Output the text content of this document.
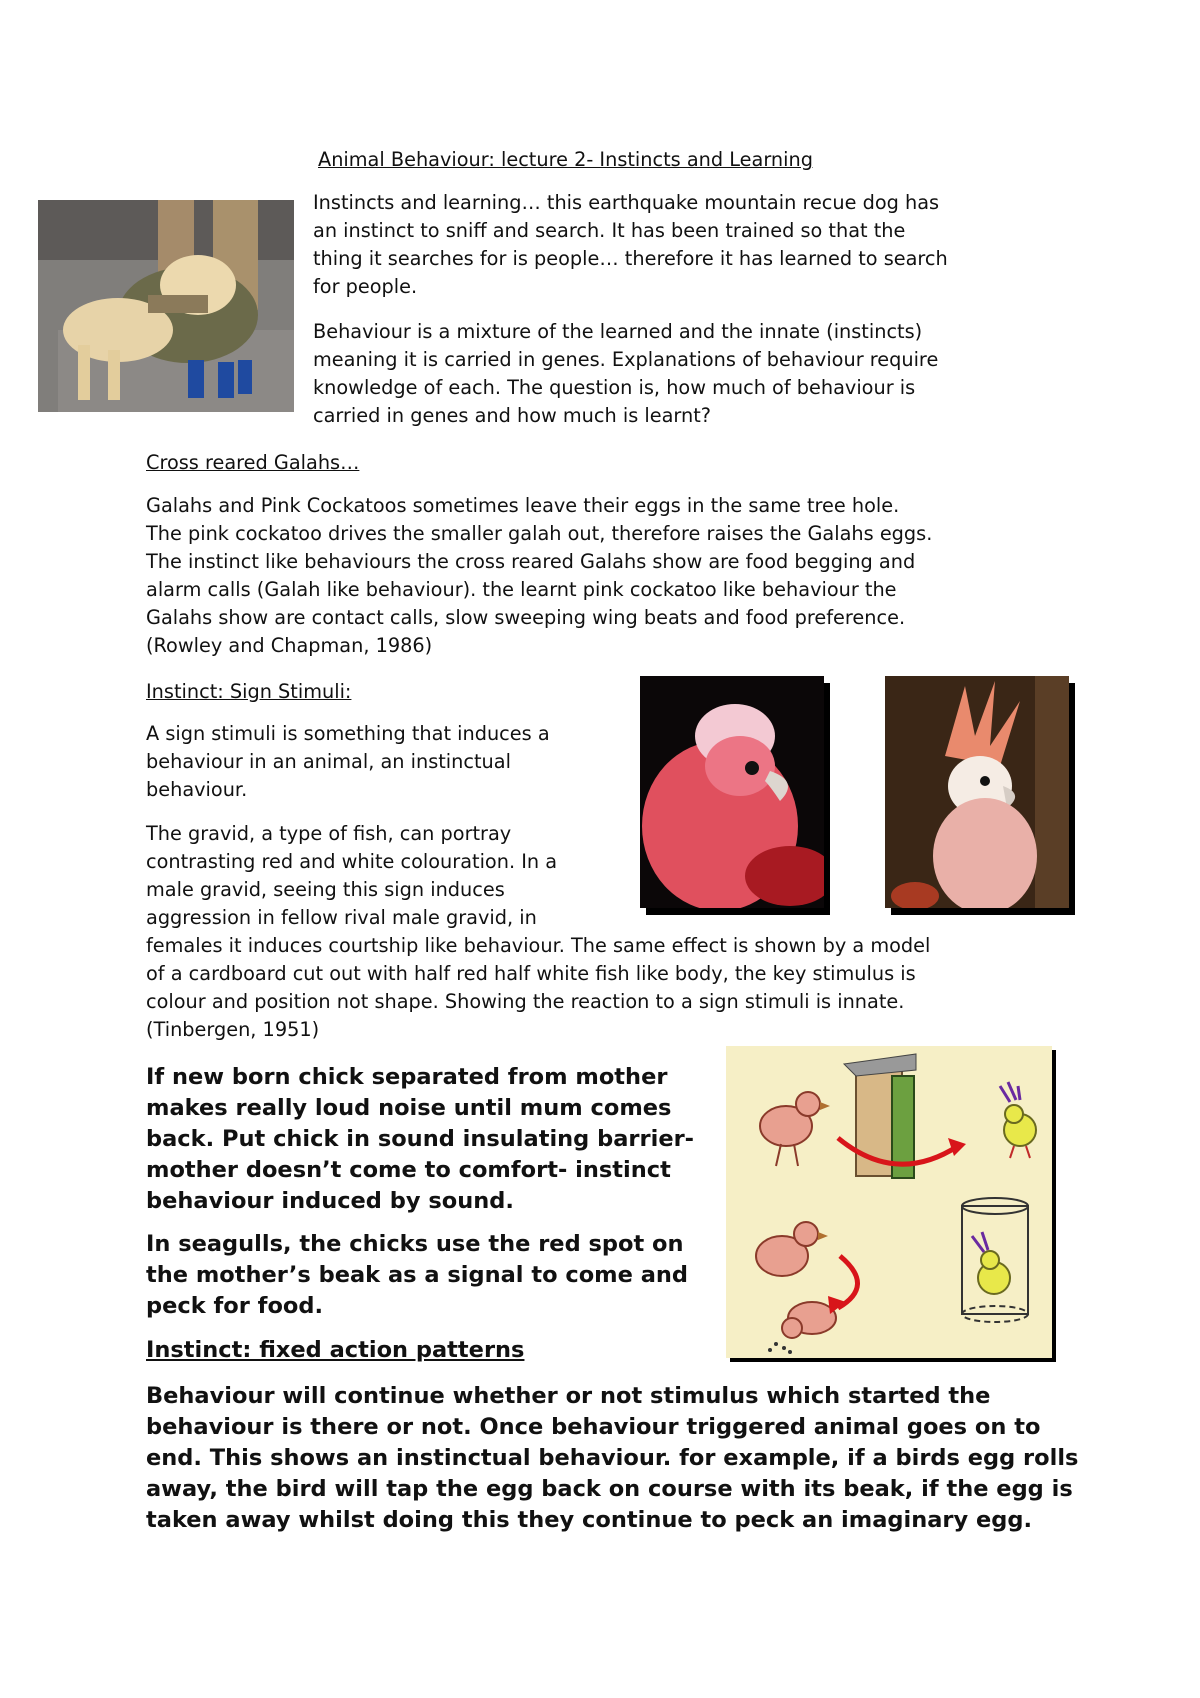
Animal Behaviour: lecture 2- Instincts and Learning
Instincts and learning… this earthquake mountain recue dog has
an instinct to sniff and search. It has been trained so that the
thing it searches for is people… therefore it has learned to search
for people.
Behaviour is a mixture of the learned and the innate (instincts)
meaning it is carried in genes. Explanations of behaviour require
knowledge of each. The question is, how much of behaviour is
carried in genes and how much is learnt?
Cross reared Galahs…
Galahs and Pink Cockatoos sometimes leave their eggs in the same tree hole.
The pink cockatoo drives the smaller galah out, therefore raises the Galahs eggs.
The instinct like behaviours the cross reared Galahs show are food begging and
alarm calls (Galah like behaviour). the learnt pink cockatoo like behaviour the
Galahs show are contact calls, slow sweeping wing beats and food preference.
(Rowley and Chapman, 1986)
Instinct: Sign Stimuli:
A sign stimuli is something that induces a
behaviour in an animal, an instinctual
behaviour.
The gravid, a type of fish, can portray
contrasting red and white colouration. In a
male gravid, seeing this sign induces
aggression in fellow rival male gravid, in
females it induces courtship like behaviour. The same effect is shown by a model
of a cardboard cut out with half red half white fish like body, the key stimulus is
colour and position not shape. Showing the reaction to a sign stimuli is innate.
(Tinbergen, 1951)
If new born chick separated from mother
makes really loud noise until mum comes
back. Put chick in sound insulating barrier-
mother doesn’t come to comfort- instinct
behaviour induced by sound.
In seagulls, the chicks use the red spot on
the mother’s beak as a signal to come and
peck for food.
Instinct: fixed action patterns
Behaviour will continue whether or not stimulus which started the
behaviour is there or not. Once behaviour triggered animal goes on to
end. This shows an instinctual behaviour. for example, if a birds egg rolls
away, the bird will tap the egg back on course with its beak, if the egg is
taken away whilst doing this they continue to peck an imaginary egg.
